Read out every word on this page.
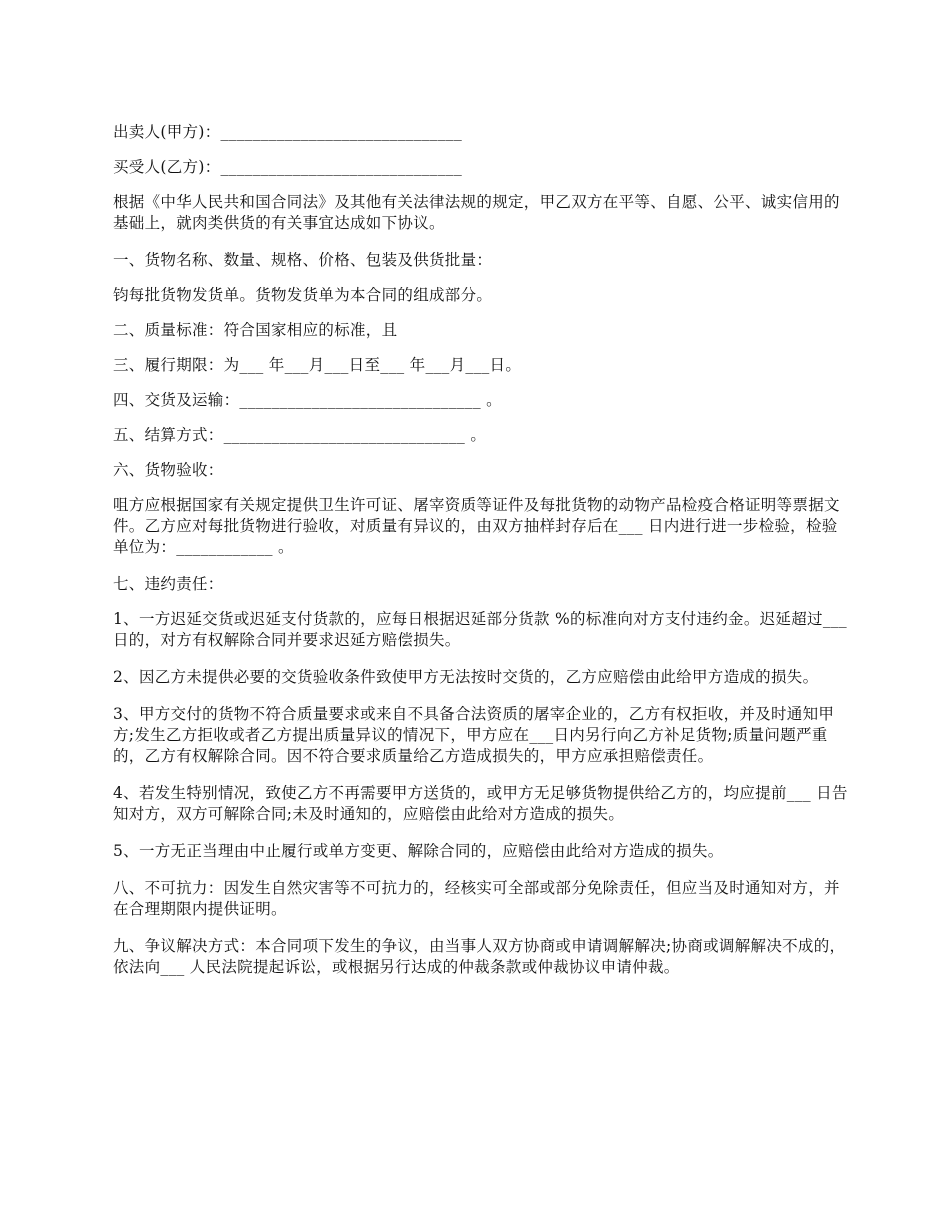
出卖人(甲方)：______________________________

买受人(乙方)：______________________________

根据《中华人民共和国合同法》及其他有关法律法规的规定，甲乙双方在平等、自愿、公平、诚实信用的基础上，就肉类供货的有关事宜达成如下协议。

一、货物名称、数量、规格、价格、包装及供货批量：

钧每批货物发货单。货物发货单为本合同的组成部分。

二、质量标准：符合国家相应的标准，且

三、履行期限：为___ 年___月___日至___ 年___月___日。

四、交货及运输：______________________________ 。

五、结算方式：______________________________ 。

六、货物验收：

咀方应根据国家有关规定提供卫生许可证、屠宰资质等证件及每批货物的动物产品检疫合格证明等票据文件。乙方应对每批货物进行验收，对质量有异议的，由双方抽样封存后在___ 日内进行进一步检验，检验单位为：____________ 。

七、违约责任：

1、一方迟延交货或迟延支付货款的，应每日根据迟延部分货款 %的标准向对方支付违约金。迟延超过___ 日的，对方有权解除合同并要求迟延方赔偿损失。

2、因乙方未提供必要的交货验收条件致使甲方无法按时交货的，乙方应赔偿由此给甲方造成的损失。

3、甲方交付的货物不符合质量要求或来自不具备合法资质的屠宰企业的，乙方有权拒收，并及时通知甲方;发生乙方拒收或者乙方提出质量异议的情况下，甲方应在___日内另行向乙方补足货物;质量问题严重的，乙方有权解除合同。因不符合要求质量给乙方造成损失的，甲方应承担赔偿责任。

4、若发生特别情况，致使乙方不再需要甲方送货的，或甲方无足够货物提供给乙方的，均应提前___ 日告知对方，双方可解除合同;未及时通知的，应赔偿由此给对方造成的损失。

5、一方无正当理由中止履行或单方变更、解除合同的，应赔偿由此给对方造成的损失。

八、不可抗力：因发生自然灾害等不可抗力的，经核实可全部或部分免除责任，但应当及时通知对方，并在合理期限内提供证明。

九、争议解决方式：本合同项下发生的争议，由当事人双方协商或申请调解解决;协商或调解解决不成的，依法向___ 人民法院提起诉讼，或根据另行达成的仲裁条款或仲裁协议申请仲裁。
